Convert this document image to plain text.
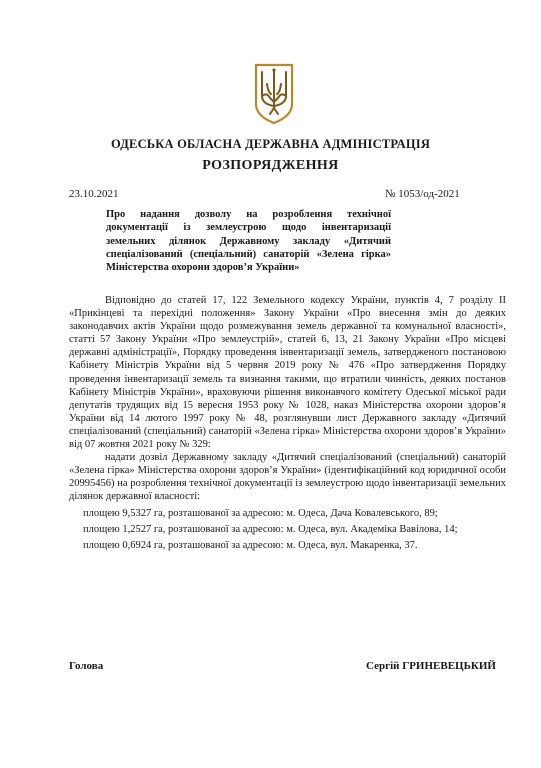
ОДЕСЬКА ОБЛАСНА ДЕРЖАВНА АДМІНІСТРАЦІЯ
РОЗПОРЯДЖЕННЯ
23.10.2021	№ 1053/од-2021
Про надання дозволу на розроблення технічної документації із землеустрою щодо інвентаризації земельних ділянок Державному закладу «Дитячий спеціалізований (спеціальний) санаторій «Зелена гірка» Міністерства охорони здоров’я України»

Відповідно до статей 17, 122 Земельного кодексу України, пунктів 4, 7 розділу ІІ «Прикінцеві та перехідні положення» Закону України «Про внесення змін до деяких законодавчих актів України щодо розмежування земель державної та комунальної власності», статті 57 Закону України «Про землеустрій», статей 6, 13, 21 Закону України «Про місцеві державні адміністрації», Порядку проведення інвентаризації земель, затвердженого постановою Кабінету Міністрів України від 5 червня 2019 року № 476 «Про затвердження Порядку проведення інвентаризації земель та визнання такими, що втратили чинність, деяких постанов Кабінету Міністрів України», враховуючи рішення виконавчого комітету Одеської міської ради депутатів трудящих від 15 вересня 1953 року № 1028, наказ Міністерства охорони здоров’я України від 14 лютого 1997 року № 48, розглянувши лист Державного закладу «Дитячий спеціалізований (спеціальний) санаторій «Зелена гірка» Міністерства охорони здоров’я України» від 07 жовтня 2021 року № 329:

надати дозвіл Державному закладу «Дитячий спеціалізований (спеціальний) санаторій «Зелена гірка» Міністерства охорони здоров’я України» (ідентифікаційний код юридичної особи 20995456) на розроблення технічної документації із землеустрою щодо інвентаризації земельних ділянок державної власності:

площею 9,5327 га, розташованої за адресою: м. Одеса, Дача Ковалевського, 89;

площею 1,2527 га, розташованої за адресою: м. Одеса, вул. Академіка Вавілова, 14;

площею 0,6924 га, розташованої за адресою: м. Одеса, вул. Макаренка, 37.

Голова	Сергій ГРИНЕВЕЦЬКИЙ
